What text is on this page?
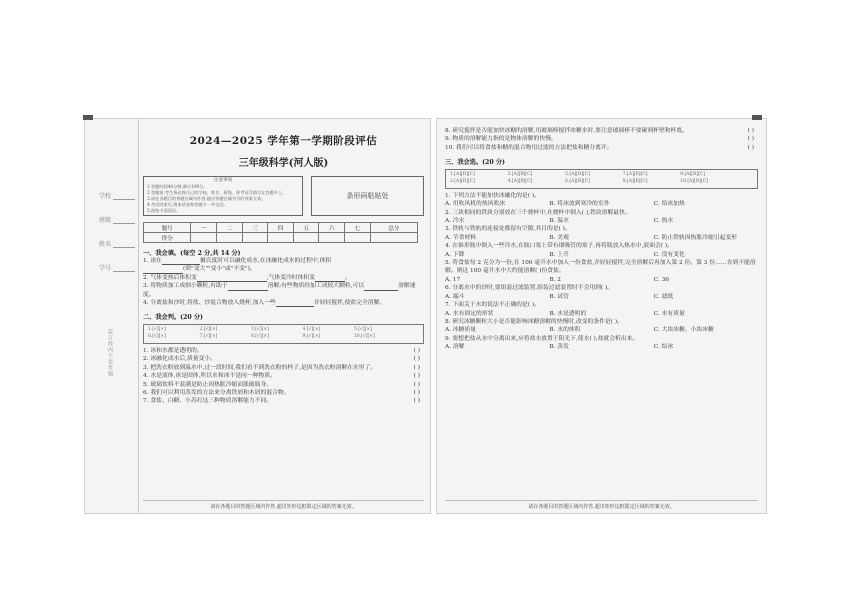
学校
班级
姓名
学号
装订线内不要答题
2024—2025 学年第一学期阶段评估
三年级科学(河人版)
注意事项
1.答题时间40分钟,满分100分。
2.答题前,考生务必将自己的学校、姓名、班级、准考证号填写在答题卡上。
3.请在各题目的答题区域内作答,超出答题区域书写的答案无效。
4.考试结束后,将本试卷和答题卡一并交回。
5.保持卡面清洁。
条形码粘贴处
题号	一	二	三	四	五	六	七	总分
得分								
一、我会填。(每空 2 分,共 14 分)
1. 冰在	摄氏度时可以融化成水,在冰融化成水的过程中,体积
(填"变大""变小"或"不变")。
2. 气体变热后体积变	,气体变冷时体积变	。
3. 将物质加工成细小颗粒,有助于	溶解;有些物质经加工成较大颗粒,可以	溶解速度。
4. 分离盐和沙时,将盐、沙混合物放入烧杯,加入一些	并轻轻搅拌,使盐完全溶解。
二、我会判。(20 分)
1.[√][×]	2.[√][×]	3.[√][×]	4.[√][×]	5.[√][×]
6.[√][×]	7.[√][×]	8.[√][×]	9.[√][×]	10.[√][×]
1. 冰和水都是透明的。	( )
2. 冰融化成水后,质量变小。	( )
3. 把洗衣粉放到温水中,过一段时间,我们看不到洗衣粉的样子,是因为洗衣粉溶解在水里了。	( )
4. 水是液体,冰是固体,所以水和冰不是同一种物质。	( )
5. 玻璃饮料不装满是防止因热胀冷缩而胀破瓶身。	( )
6. 我们可以利用蒸发的方法来分离铁屑和木屑的混合物。	( )
7. 食盐、白糖、小苏打这三种物质溶解能力不同。	( )
请在各题目的答题区域内作答,超出矩形边框限定区域的答案无效。
8. 研究搅拌是否能加快冰糖的溶解,用玻璃棒搅拌冰糖水时,要注意玻璃棒不要碰到杯壁和杯底。	( )
9. 物质的溶解能力指的是物体溶解的快慢。	( )
10. 我们可以将食盐和糖的混合物用过滤的方法把盐和糖分离开。	( )
三、我会选。(20 分)
1.[A][B][C]	3.[A][B][C]	5.[A][B][C]	7.[A][B][C]	9.[A][B][C]
2.[A][B][C]	4.[A][B][C]	6.[A][B][C]	8.[A][B][C]	10.[A][B][C]
1. 下列方法不能加快冰融化的是( )。
A. 用吹风机的热风吹冰	B. 将冰放到寒冷的室外	C. 给冰加热
2. 三块相同的铁块分别放在三个烧杯中,在烧杯中倒入( ),铁块溶解最快。
A. 冷水	B. 温水	C. 热水
3. 铁轨与铁轨的连接处都留有空隙,其目的是( )。
A. 节省材料	B. 美观	C. 防止铁轨因热胀冷缩引起变形
4. 在锥形瓶中倒入一些冷水,在瓶口塞上带有细吸管的塞子,再将瓶放入热水中,液面会( )。
A. 下降	B. 上升	C. 没有变化
5. 将食盐每 2 克分为一份,在 100 毫升水中加入一份食盐,并轻轻搅拌,完全溶解后再加入第 2 份、第 3 份……直到不能溶解。则这 100 毫升水中大约能溶解( )份食盐。
A. 17	B. 2	C. 36
6. 分离水中的沙时,要组装过滤装置,组装过滤装置时不会用到( )。
A. 漏斗	B. 试管	C. 滤纸
7. 下面关于水的说法不正确的是( )。
A. 水有固定的形状	B. 水是透明的	C. 水有质量
8. 研究冰糖颗粒大小是否能影响冰糖溶解的快慢时,改变的条件是( )。
A. 冰糖质量	B. 水的体积	C. 大块冰糖、小块冰糖
9. 要想把盐从水中分离出来,应将盐水放置于阳光下,使水( ),盐就会析出来。
A. 溶解	B. 蒸发	C. 结冰
请在各题目的答题区域内作答,超出矩形边框限定区域的答案无效。
